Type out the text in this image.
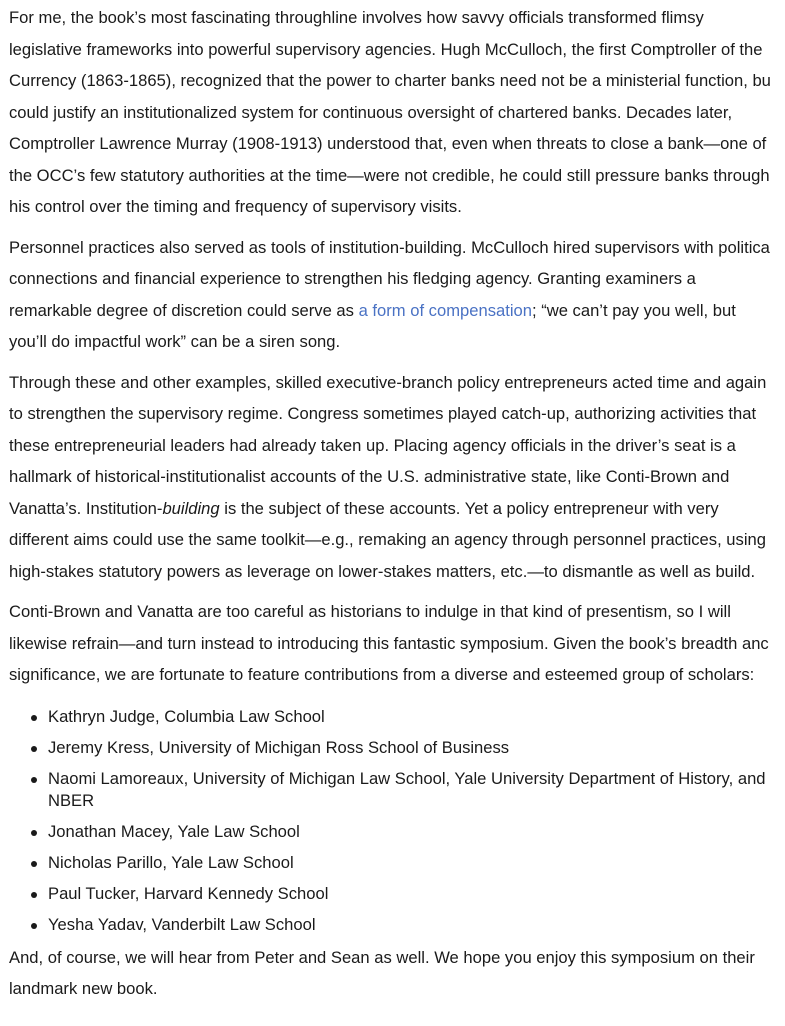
For me, the book’s most fascinating throughline involves how savvy officials transformed flimsy
legislative frameworks into powerful supervisory agencies. Hugh McCulloch, the first Comptroller of the
Currency (1863-1865), recognized that the power to charter banks need not be a ministerial function, bu
could justify an institutionalized system for continuous oversight of chartered banks. Decades later,
Comptroller Lawrence Murray (1908-1913) understood that, even when threats to close a bank—one of
the OCC’s few statutory authorities at the time—were not credible, he could still pressure banks through
his control over the timing and frequency of supervisory visits.

Personnel practices also served as tools of institution-building. McCulloch hired supervisors with politica
connections and financial experience to strengthen his fledging agency. Granting examiners a
remarkable degree of discretion could serve as a form of compensation; “we can’t pay you well, but
you’ll do impactful work” can be a siren song.

Through these and other examples, skilled executive-branch policy entrepreneurs acted time and again
to strengthen the supervisory regime. Congress sometimes played catch-up, authorizing activities that
these entrepreneurial leaders had already taken up. Placing agency officials in the driver’s seat is a
hallmark of historical-institutionalist accounts of the U.S. administrative state, like Conti-Brown and
Vanatta’s. Institution-building is the subject of these accounts. Yet a policy entrepreneur with very
different aims could use the same toolkit—e.g., remaking an agency through personnel practices, using
high-stakes statutory powers as leverage on lower-stakes matters, etc.—to dismantle as well as build.

Conti-Brown and Vanatta are too careful as historians to indulge in that kind of presentism, so I will
likewise refrain—and turn instead to introducing this fantastic symposium. Given the book’s breadth anc
significance, we are fortunate to feature contributions from a diverse and esteemed group of scholars:

Kathryn Judge, Columbia Law School
Jeremy Kress, University of Michigan Ross School of Business
Naomi Lamoreaux, University of Michigan Law School, Yale University Department of History, and
NBER
Jonathan Macey, Yale Law School
Nicholas Parillo, Yale Law School
Paul Tucker, Harvard Kennedy School
Yesha Yadav, Vanderbilt Law School

And, of course, we will hear from Peter and Sean as well. We hope you enjoy this symposium on their
landmark new book.
